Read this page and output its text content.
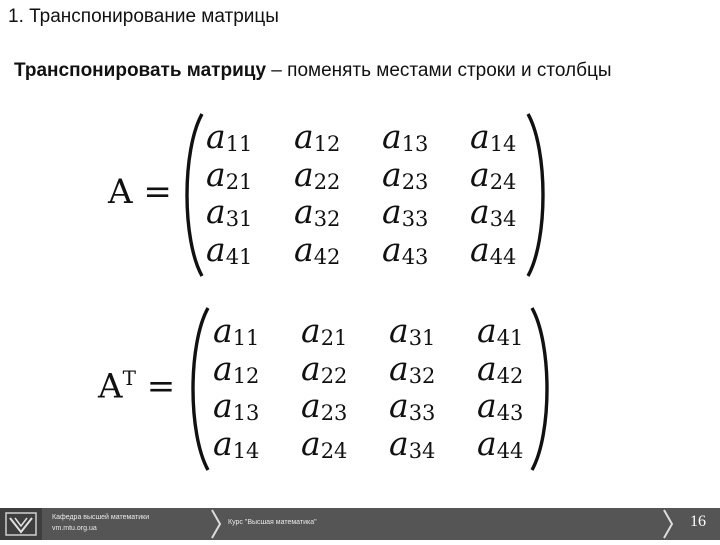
1. Транспонирование матрицы
Транспонировать матрицу – поменять местами строки и столбцы
A =
$a_{11}$	$a_{12}$	$a_{13}$	$a_{14}$
$a_{21}$	$a_{22}$	$a_{23}$	$a_{24}$
$a_{31}$	$a_{32}$	$a_{33}$	$a_{34}$
$a_{41}$	$a_{42}$	$a_{43}$	$a_{44}$
$A^T$ =
$a_{11}$	$a_{21}$	$a_{31}$	$a_{41}$
$a_{12}$	$a_{22}$	$a_{32}$	$a_{42}$
$a_{13}$	$a_{23}$	$a_{33}$	$a_{43}$
$a_{14}$	$a_{24}$	$a_{34}$	$a_{44}$
Кафедра высшей математики
vm.mtu.org.ua
Курс "Высшая математика"	16
